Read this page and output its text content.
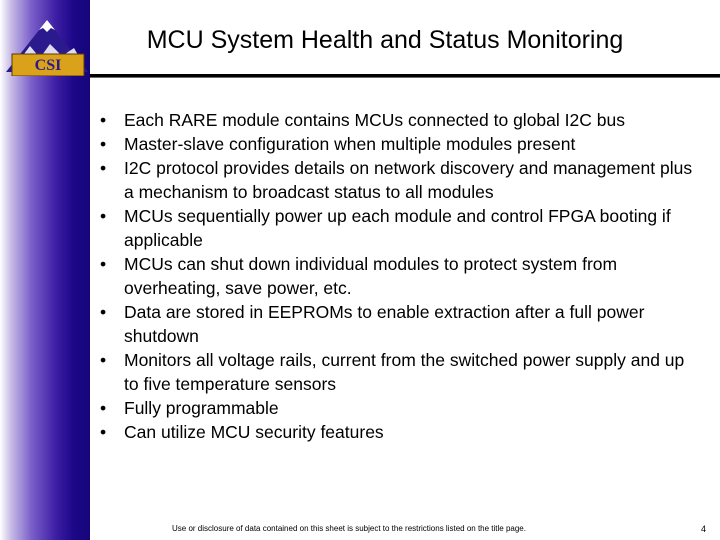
CSI
MCU System Health and Status Monitoring
• Each RARE module contains MCUs connected to global I2C bus
• Master-slave configuration when multiple modules present
• I2C protocol provides details on network discovery and management plus a mechanism to broadcast status to all modules
• MCUs sequentially power up each module and control FPGA booting if applicable
• MCUs can shut down individual modules to protect system from overheating, save power, etc.
• Data are stored in EEPROMs to enable extraction after a full power shutdown
• Monitors all voltage rails, current from the switched power supply and up to five temperature sensors
• Fully programmable
• Can utilize MCU security features
Use or disclosure of data contained on this sheet is subject to the restrictions listed on the title page.	4
